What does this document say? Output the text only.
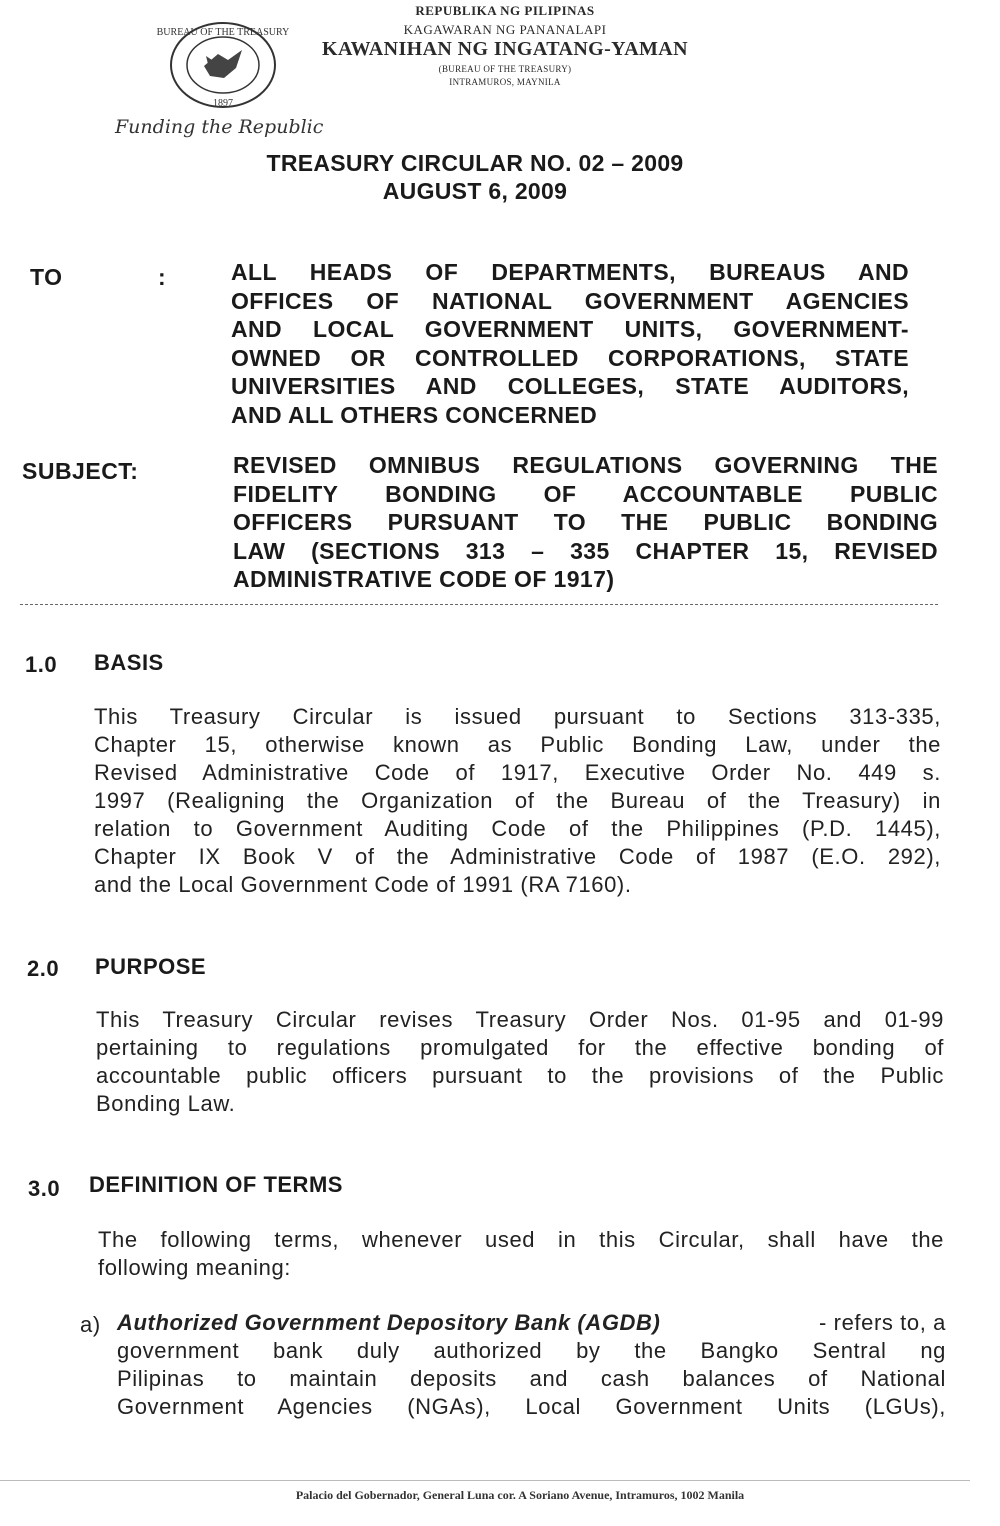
BUREAU OF THE TREASURY
1897
REPUBLIKA NG PILIPINAS
KAGAWARAN NG PANANALAPI
KAWANIHAN NG INGATANG-YAMAN
(BUREAU OF THE TREASURY)
INTRAMUROS, MAYNILA
Funding the Republic
TREASURY CIRCULAR NO. 02 – 2009
AUGUST 6, 2009
TO	:	ALL HEADS OF DEPARTMENTS, BUREAUS AND
OFFICES OF NATIONAL GOVERNMENT AGENCIES
AND LOCAL GOVERNMENT UNITS, GOVERNMENT-
OWNED OR CONTROLLED CORPORATIONS, STATE
UNIVERSITIES AND COLLEGES, STATE AUDITORS,
AND ALL OTHERS CONCERNED
SUBJECT:	REVISED OMNIBUS REGULATIONS GOVERNING THE
FIDELITY BONDING OF ACCOUNTABLE PUBLIC
OFFICERS PURSUANT TO THE PUBLIC BONDING
LAW (SECTIONS 313 – 335 CHAPTER 15, REVISED
ADMINISTRATIVE CODE OF 1917)
1.0 BASIS
This Treasury Circular is issued pursuant to Sections 313-335,
Chapter 15, otherwise known as Public Bonding Law, under the
Revised Administrative Code of 1917, Executive Order No. 449 s.
1997 (Realigning the Organization of the Bureau of the Treasury) in
relation to Government Auditing Code of the Philippines (P.D. 1445),
Chapter IX Book V of the Administrative Code of 1987 (E.O. 292),
and the Local Government Code of 1991 (RA 7160).
2.0 PURPOSE
This Treasury Circular revises Treasury Order Nos. 01-95 and 01-99
pertaining to regulations promulgated for the effective bonding of
accountable public officers pursuant to the provisions of the Public
Bonding Law.
3.0 DEFINITION OF TERMS
The following terms, whenever used in this Circular, shall have the
following meaning:
a) Authorized Government Depository Bank (AGDB)	- refers to, a
government bank duly authorized by the Bangko Sentral ng
Pilipinas to maintain deposits and cash balances of National
Government Agencies (NGAs), Local Government Units (LGUs),
Palacio del Gobernador, General Luna cor. A Soriano Avenue, Intramuros, 1002 Manila
